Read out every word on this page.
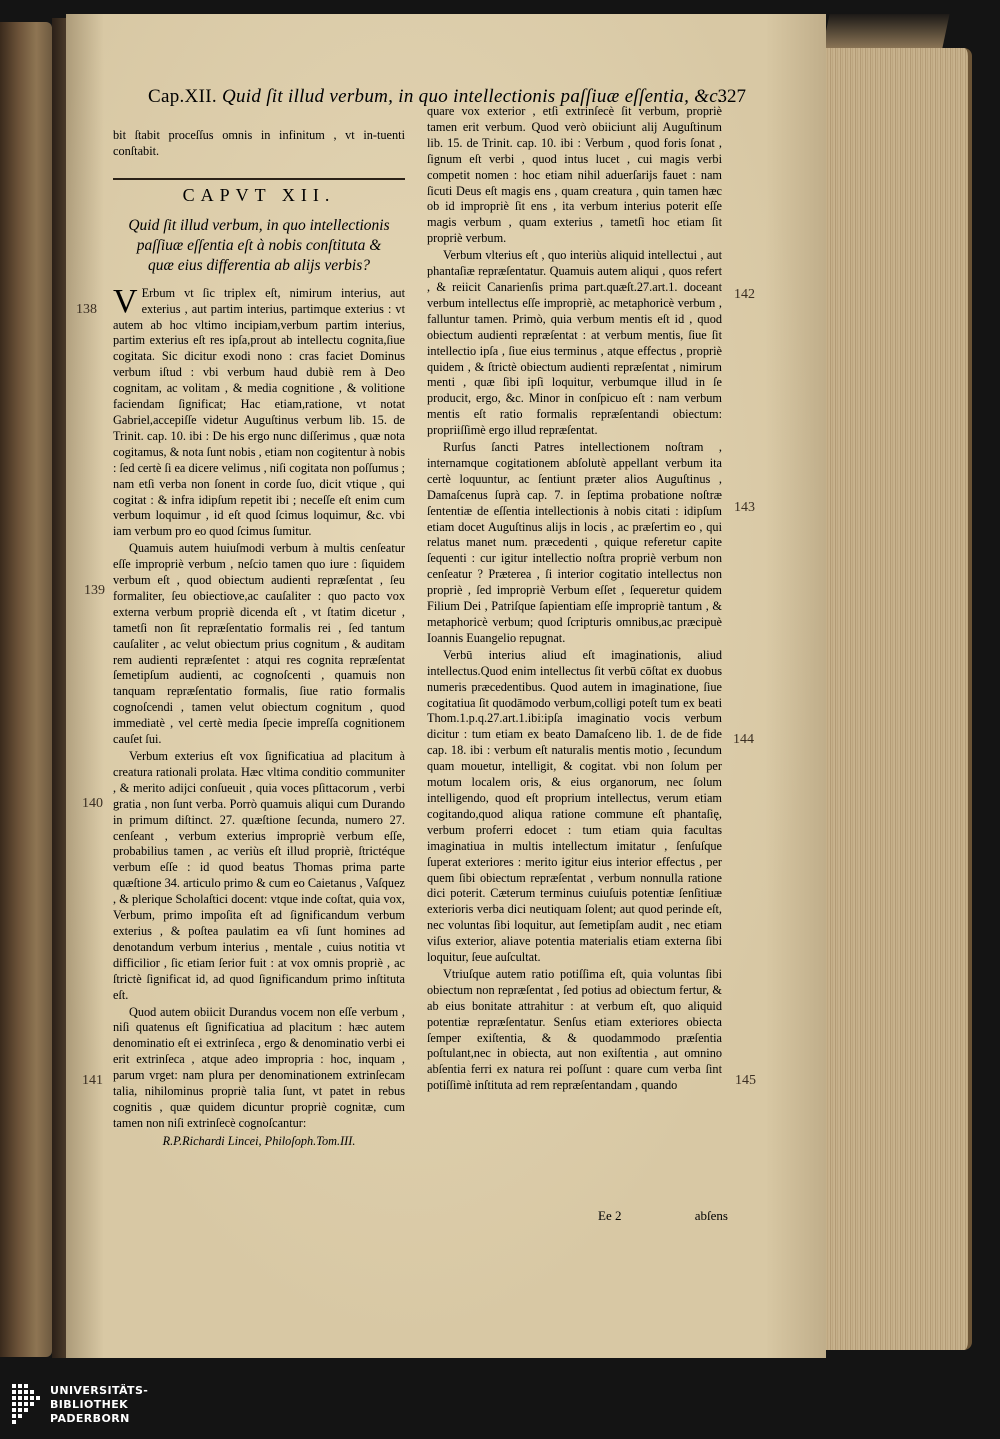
Cap.XII. Quid ſit illud verbum, in quo intellectionis paſſiuæ eſſentia, &c.
327

bit ſtabit proceſſus omnis in infinitum , vt in-tuenti conſtabit.

CAPVT XII.
Quid ſit illud verbum, in quo intellectionis paſſiuæ eſſentia eſt à nobis conſtituta & quæ eius differentia ab alijs verbis?

V Erbum vt ſic triplex eſt, nimirum interius, aut exterius , aut partim interius, partimque exterius : vt autem ab hoc vltimo incipiam,verbum partim interius, partim exterius eſt res ipſa,prout ab intellectu cognita,ſiue cogitata. Sic dicitur exodi nono : cras faciet Dominus verbum iſtud : vbi verbum haud dubiè rem à Deo cognitam, ac volitam , & media cognitione , & volitione faciendam ſignificat; Hac etiam,ratione, vt notat Gabriel,accepiſſe videtur Auguſtinus verbum lib. 15. de Trinit. cap. 10. ibi : De his ergo nunc diſſerimus , quæ nota cogitamus, & nota ſunt nobis , etiam non cogitentur à nobis : ſed certè ſi ea dicere velimus , niſi cogitata non poſſumus ; nam etſi verba non ſonent in corde ſuo, dicit vtique , qui cogitat : & infra idipſum repetit ibi ; neceſſe eſt enim cum verbum loquimur , id eſt quod ſcimus loquimur, &c. vbi iam verbum pro eo quod ſcimus ſumitur.

Quamuis autem huiuſmodi verbum à multis cenſeatur eſſe impropriè verbum , neſcio tamen quo iure : ſiquidem verbum eſt , quod obiectum audienti repræſentat , ſeu formaliter, ſeu obiectiove,ac cauſaliter : quo pacto vox externa verbum propriè dicenda eſt , vt ſtatim dicetur , tametſi non ſit repræſentatio formalis rei , ſed tantum cauſaliter , ac velut obiectum prius cognitum , & auditam rem audienti repræſentet : atqui res cognita repræſentat ſemetipſum audienti, ac cognoſcenti , quamuis non tanquam repræſentatio formalis, ſiue ratio formalis cognoſcendi , tamen velut obiectum cognitum , quod immediatè , vel certè media ſpecie impreſſa cognitionem cauſet ſui.

Verbum exterius eſt vox ſignificatiua ad placitum à creatura rationali prolata. Hæc vltima conditio communiter , & merito adijci conſueuit , quia voces pſittacorum , verbi gratia , non ſunt verba. Porrò quamuis aliqui cum Durando in primum diſtinct. 27. quæſtione ſecunda, numero 27. cenſeant , verbum exterius impropriè verbum eſſe, probabilius tamen , ac veriùs eſt illud propriè, ſtrictéque verbum eſſe : id quod beatus Thomas prima parte quæſtione 34. articulo primo & cum eo Caietanus , Vaſquez , & plerique Scholaſtici docent: vtque inde coſtat, quia vox, Verbum, primo impoſita eſt ad ſignificandum verbum exterius , & poſtea paulatim ea vſi ſunt homines ad denotandum verbum interius , mentale , cuius notitia vt difficilior , ſic etiam ſerior fuit : at vox omnis propriè , ac ſtrictè ſignificat id, ad quod ſignificandum primo inſtituta eſt.

Quod autem obiicit Durandus vocem non eſſe verbum , niſi quatenus eſt ſignificatiua ad placitum : hæc autem denominatio eſt ei extrinſeca , ergo & denominatio verbi ei erit extrinſeca , atque adeo impropria : hoc, inquam , parum vrget: nam plura per denominationem extrinſecam talia, nihilominus propriè talia ſunt, vt patet in rebus cognitis , quæ quidem dicuntur propriè cognitæ, cum tamen non niſi extrinſecè cognoſcantur:

R.P.Richardi Lincei, Philoſoph.Tom.III.

quare vox exterior , etſi extrinſecè ſit verbum, propriè tamen erit verbum. Quod verò obiiciunt alij Auguſtinum lib. 15. de Trinit. cap. 10. ibi : Verbum , quod foris ſonat , ſignum eſt verbi , quod intus lucet , cui magis verbi competit nomen : hoc etiam nihil aduerſarijs fauet : nam ſicuti Deus eſt magis ens , quam creatura , quin tamen hæc ob id impropriè ſit ens , ita verbum interius poterit eſſe magis verbum , quam exterius , tametſi hoc etiam ſit propriè verbum.

Verbum vlterius eſt , quo interiùs aliquid intellectui , aut phantaſiæ repræſentatur. Quamuis autem aliqui , quos refert , & reiicit Canarienſis prima part.quæſt.27.art.1. doceant verbum intellectus eſſe impropriè, ac metaphoricè verbum , falluntur tamen. Primò, quia verbum mentis eſt id , quod obiectum audienti repræſentat : at verbum mentis, ſiue ſit intellectio ipſa , ſiue eius terminus , atque effectus , propriè quidem , & ſtrictè obiectum audienti repræſentat , nimirum menti , quæ ſibi ipſi loquitur, verbumque illud in ſe producit, ergo, &c. Minor in conſpicuo eſt : nam verbum mentis eſt ratio formalis repræſentandi obiectum: propriiſſimè ergo illud repræſentat.

Rurſus ſancti Patres intellectionem noſtram , internamque cogitationem abſolutè appellant verbum ita certè loquuntur, ac ſentiunt præter alios Auguſtinus , Damaſcenus ſuprà cap. 7. in ſeptima probatione noſtræ ſententiæ de eſſentia intellectionis à nobis citati : idipſum etiam docet Auguſtinus alijs in locis , ac præſertim eo , qui relatus manet num. præcedenti , quique referetur capite ſequenti : cur igitur intellectio noſtra propriè verbum non cenſeatur ? Præterea , ſi interior cogitatio intellectus non propriè , ſed impropriè Verbum eſſet , ſequeretur quidem Filium Dei , Patriſque ſapientiam eſſe impropriè tantum , & metaphoricè verbum; quod ſcripturis omnibus,ac præcipuè Ioannis Euangelio repugnat.

Verbū interius aliud eſt imaginationis, aliud intellectus.Quod enim intellectus ſit verbū cōſtat ex duobus numeris præcedentibus. Quod autem in imaginatione, ſiue cogitatiua ſit quodāmodo verbum,colligi poteſt tum ex beati Thom.1.p.q.27.art.1.ibi:ipſa imaginatio vocis verbum dicitur : tum etiam ex beato Damaſceno lib. 1. de de fide cap. 18. ibi : verbum eſt naturalis mentis motio , ſecundum quam mouetur, intelligit, & cogitat. vbi non ſolum per motum localem oris, & eius organorum, nec ſolum intelligendo, quod eſt proprium intellectus, verum etiam cogitando,quod aliqua ratione commune eſt phantaſię, verbum proferri edocet : tum etiam quia facultas imaginatiua in multis intellectum imitatur , ſenſuſque ſuperat exteriores : merito igitur eius interior effectus , per quem ſibi obiectum repræſentat , verbum nonnulla ratione dici poterit. Cæterum terminus cuiuſuis potentiæ ſenſitiuæ exterioris verba dici neutiquam ſolent; aut quod perinde eſt, nec voluntas ſibi loquitur, aut ſemetipſam audit , nec etiam viſus exterior, aliave potentia materialis etiam externa ſibi loquitur, ſeue auſcultat.

Vtriuſque autem ratio potiſſima eſt, quia voluntas ſibi obiectum non repræſentat , ſed potius ad obiectum fertur, & ab eius bonitate attrahitur : at verbum eſt, quo aliquid potentiæ repræſentatur. Senſus etiam exteriores obiecta ſemper exiſtentia, & & quodammodo præſentia poſtulant,nec in obiecta, aut non exiſtentia , aut omnino abſentia ferri ex natura rei poſſunt : quare cum verba ſint potiſſimè inſtituta ad rem repræſentandam , quando

Ee 2	abſens
138
139
140
141
142
143
144
145
UNIVERSITÄTS-
BIBLIOTHEK
PADERBORN
